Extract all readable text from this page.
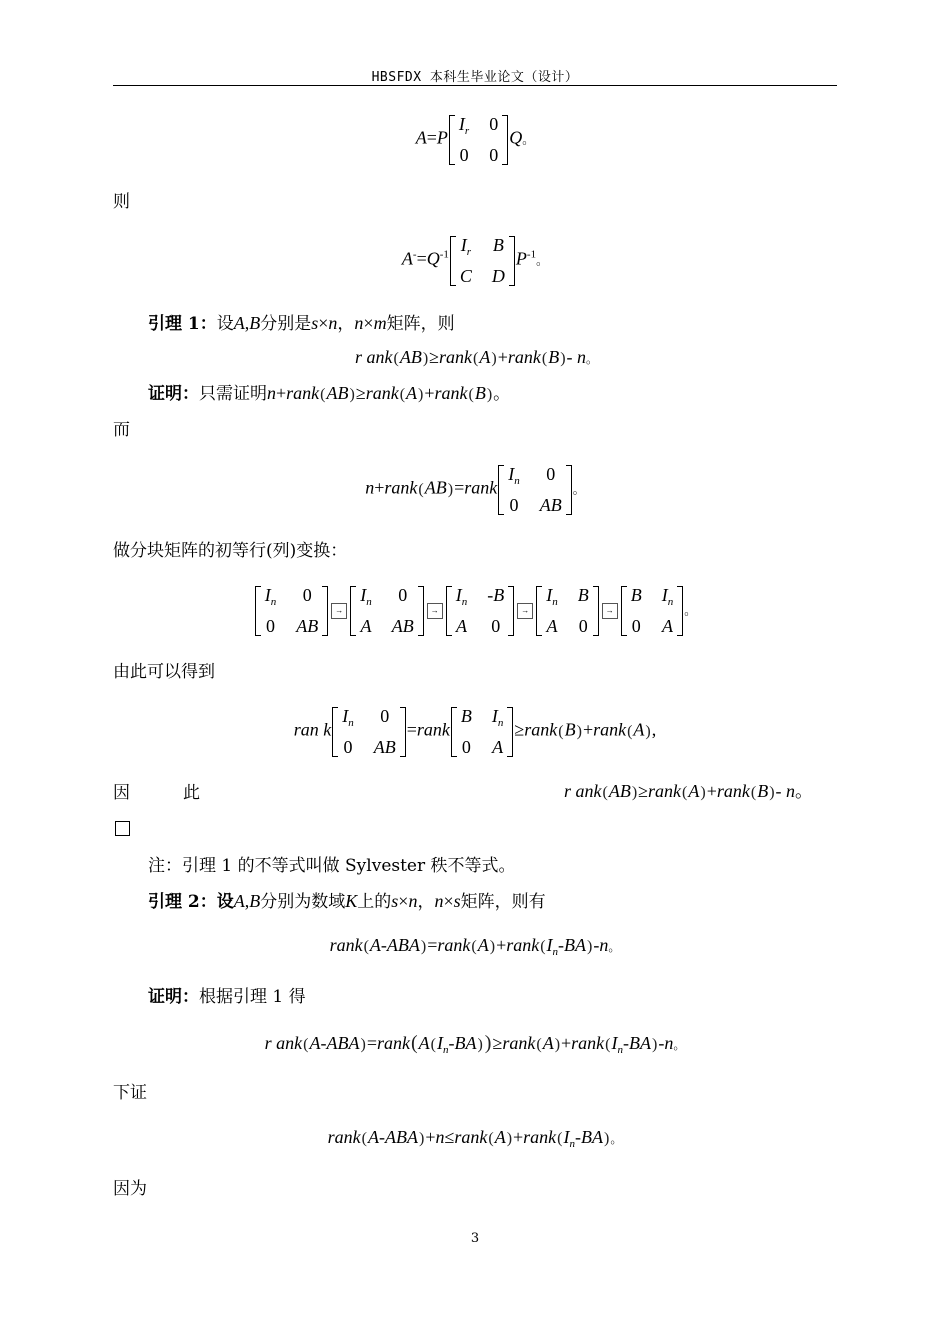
HBSFDX 本科生毕业论文（设计）
A=P
$I_r$ 0
0 0
Q。
则
$A^-=Q^{-1}$ $I_r$ B
C D
$P^{-1}$。
引理 1：设A,B分别是s×n，n×m矩阵，则
r ank(AB)≥rank(A)+rank(B)- n。
证明：只需证明n+rank(AB)≥rank(A)+rank(B)。
而
n+rank(AB)=rank
$I_n$	0
0 AB
。
做分块矩阵的初等行(列)变换：
$I_n$	0
0 AB
→
$I_n$	0
A AB
→
$I_n$ -B
A 0
→
$I_n$ B
A 0
→
B $I_n$
0 A
。
由此可以得到
ran k
$I_n$	0
0 AB
=rank
B $I_n$
0 A
≥rank(B)+rank(A),
因	此	r ank(AB)≥rank(A)+rank(B)- n。
注：引理 1 的不等式叫做 Sylvester 秩不等式。
引理 2：设A,B分别为数域K上的s×n，n×s矩阵，则有
$rank(A-ABA)=rank(A)+rank(I_n-BA)-n$。
证明：根据引理 1 得
r $ank(A-ABA)=rank(A(I_n-BA)$ )$\ge rank(A)+rank(I_n-BA)-n$。
下证
$rank(A-ABA)+n\le rank(A)+rank(I_n-BA)$。
因为
3
